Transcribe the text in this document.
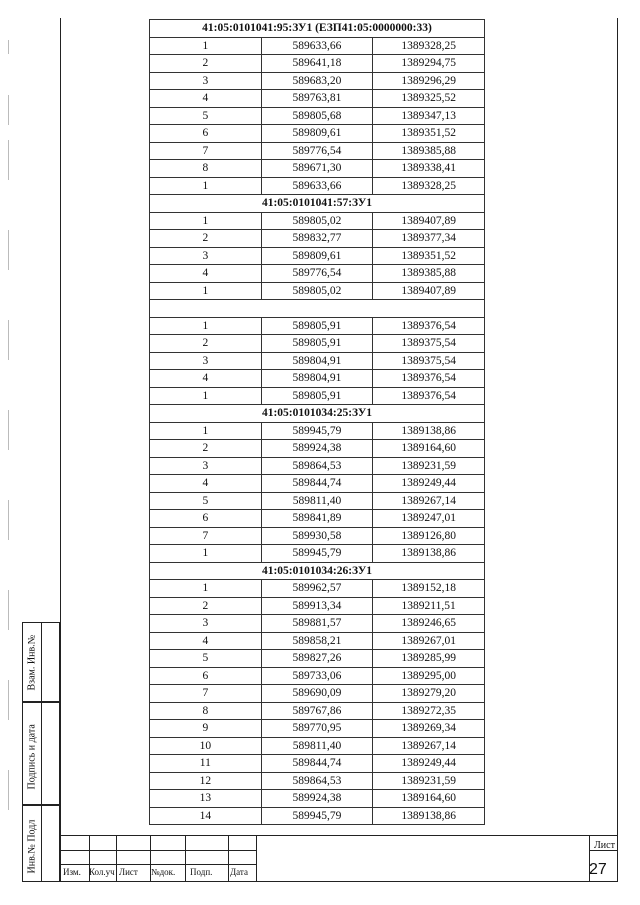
41:05:0101041:95:ЗУ1 (ЕЗП41:05:0000000:33)		
1	589633,66	1389328,25
2	589641,18	1389294,75
3	589683,20	1389296,29
4	589763,81	1389325,52
5	589805,68	1389347,13
6	589809,61	1389351,52
7	589776,54	1389385,88
8	589671,30	1389338,41
1	589633,66	1389328,25
41:05:0101041:57:ЗУ1		
1	589805,02	1389407,89
2	589832,77	1389377,34
3	589809,61	1389351,52
4	589776,54	1389385,88
1	589805,02	1389407,89

1	589805,91	1389376,54
2	589805,91	1389375,54
3	589804,91	1389375,54
4	589804,91	1389376,54
1	589805,91	1389376,54
41:05:0101034:25:ЗУ1		
1	589945,79	1389138,86
2	589924,38	1389164,60
3	589864,53	1389231,59
4	589844,74	1389249,44
5	589811,40	1389267,14
6	589841,89	1389247,01
7	589930,58	1389126,80
1	589945,79	1389138,86
41:05:0101034:26:ЗУ1		
1	589962,57	1389152,18
2	589913,34	1389211,51
3	589881,57	1389246,65
4	589858,21	1389267,01
5	589827,26	1389285,99
6	589733,06	1389295,00
7	589690,09	1389279,20
8	589767,86	1389272,35
9	589770,95	1389269,34
10	589811,40	1389267,14
11	589844,74	1389249,44
12	589864,53	1389231,59
13	589924,38	1389164,60
14	589945,79	1389138,86
Взам. Инв.№
Подпись и дата
Инв.№ Подл	Изм. Кол.уч Лист №док. Подп. Дата
Лист
27
